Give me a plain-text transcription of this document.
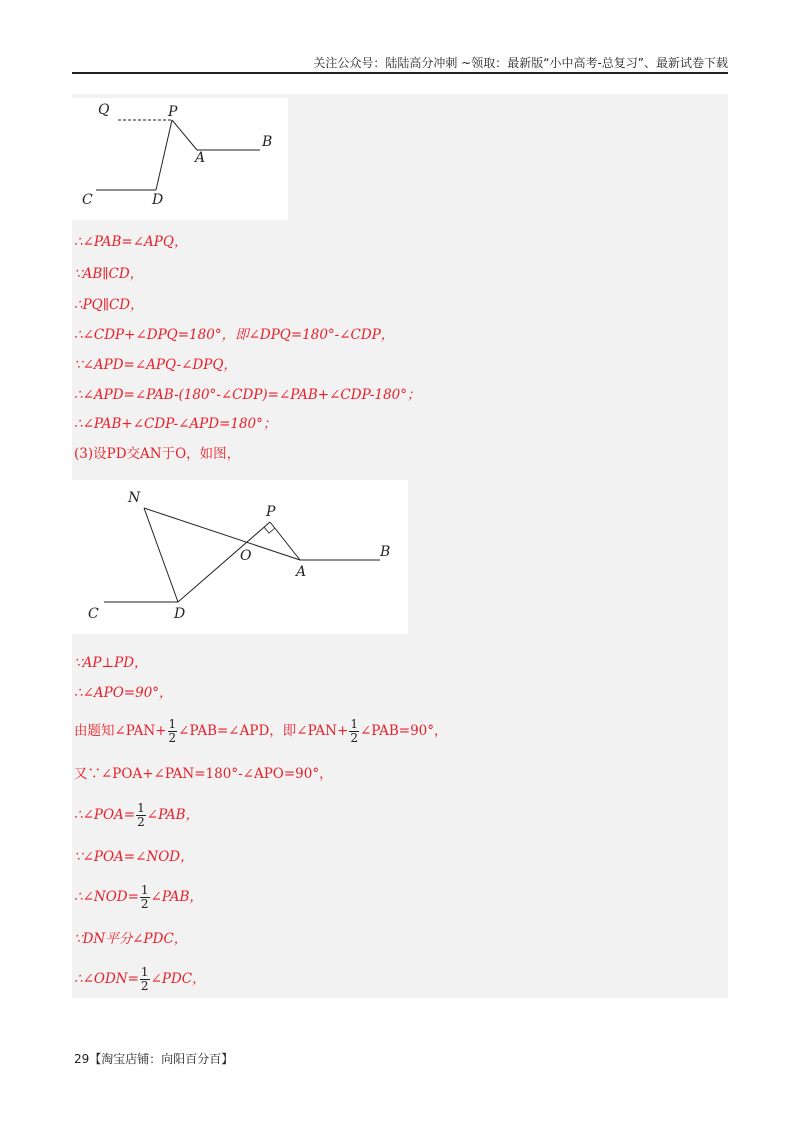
关注公众号：陆陆高分冲刺 ~领取：最新版“小中高考-总复习”、最新试卷下载
Q	P
A
B
C	D
∴∠PAB=∠APQ，
∵AB∥CD，
∴PQ∥CD，
∴∠CDP+∠DPQ=180°，即∠DPQ=180°-∠CDP，
∵∠APD=∠APQ-∠DPQ，
∴∠APD=∠PAB-(180°-∠CDP)=∠PAB+∠CDP-180°；
∴∠PAB+∠CDP-∠APD=180°；
(3)设PD交AN于O，如图，
N
P
O
A
B
C	D
∵AP⊥PD，
∴∠APO=90°，
由题知∠PAN+ $\frac{1}{2}$ ∠PAB=∠APD，即∠PAN+ $\frac{1}{2}$ ∠PAB=90°，
又∵∠POA+∠PAN=180°-∠APO=90°，
∴∠POA= $\frac{1}{2}$ ∠PAB，
∵∠POA=∠NOD，
∴∠NOD= $\frac{1}{2}$ ∠PAB，
∵DN平分∠PDC，
∴∠ODN= $\frac{1}{2}$ ∠PDC，
29【淘宝店铺：向阳百分百】
